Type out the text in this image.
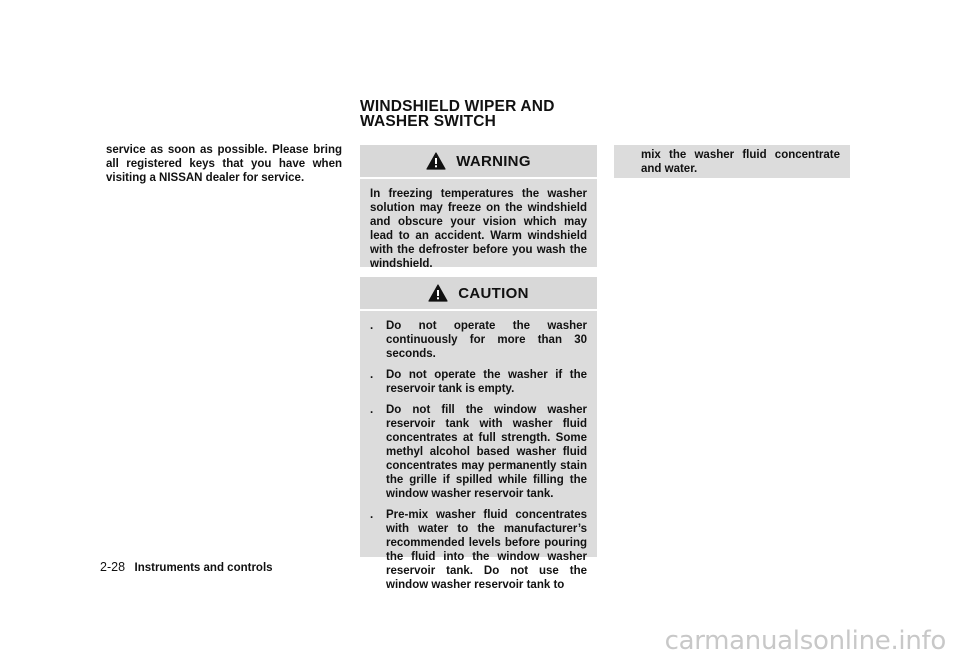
service as soon as possible. Please bring all registered keys that you have when visiting a NISSAN dealer for service.
WINDSHIELD WIPER AND WASHER SWITCH
WARNING
In freezing temperatures the washer solution may freeze on the windshield and obscure your vision which may lead to an accident. Warm windshield with the defroster before you wash the windshield.
CAUTION
. Do not operate the washer continuously for more than 30 seconds.
. Do not operate the washer if the reservoir tank is empty.
. Do not fill the window washer reservoir tank with washer fluid concentrates at full strength. Some methyl alcohol based washer fluid concentrates may permanently stain the grille if spilled while filling the window washer reservoir tank.
. Pre-mix washer fluid concentrates with water to the manufacturer’s recommended levels before pouring the fluid into the window washer reservoir tank. Do not use the window washer reservoir tank to
mix the washer fluid concentrate and water.
2-28 Instruments and controls
carmanualsonline.info
